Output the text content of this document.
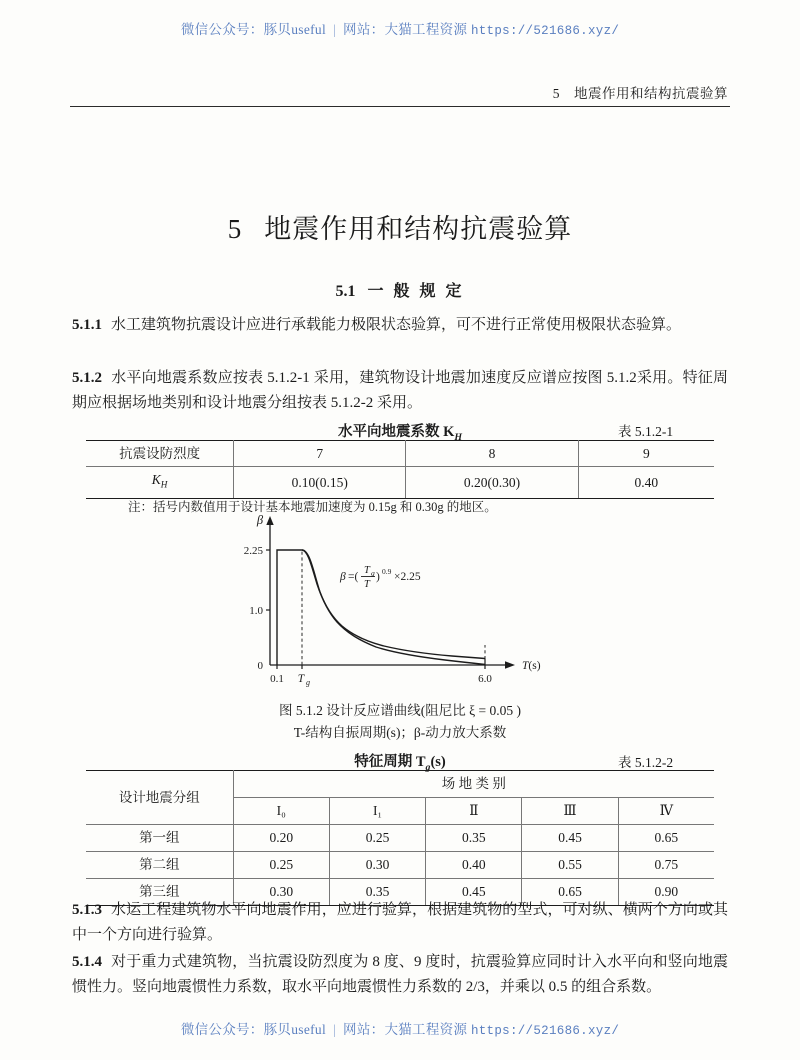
微信公众号：豚贝useful | 网站：大猫工程资源 https://521686.xyz/
5 地震作用和结构抗震验算
5 地震作用和结构抗震验算
5.1 一 般 规 定
5.1.1 水工建筑物抗震设计应进行承载能力极限状态验算，可不进行正常使用极限状态验算。
5.1.2 水平向地震系数应按表 5.1.2-1 采用，建筑物设计地震加速度反应谱应按图 5.1.2采用。特征周期应根据场地类别和设计地震分组按表 5.1.2-2 采用。
水平向地震系数 $K_H$	表 5.1.2-1
抗震设防烈度	7	8	9
$K_H$	0.10(0.15)	0.20(0.30)	0.40
注：括号内数值用于设计基本地震加速度为 0.15g 和 0.30g 的地区。
2.25
1.0
0
0.1 T g	6.0
β
T(s)
β =(
T g
T
) 0.9 ×2.25
图 5.1.2 设计反应谱曲线(阻尼比 ξ = 0.05 )
T-结构自振周期(s)；β-动力放大系数
特征周期 $T_g(s)$	表 5.1.2-2
设计地震分组	场 地 类 别				
	I₀	I₁	Ⅱ	Ⅲ	Ⅳ
第一组	0.20	0.25	0.35	0.45	0.65
第二组	0.25	0.30	0.40	0.55	0.75
第三组	0.30	0.35	0.45	0.65	0.90
5.1.3 水运工程建筑物水平向地震作用，应进行验算，根据建筑物的型式，可对纵、横两个方向或其中一个方向进行验算。
5.1.4 对于重力式建筑物，当抗震设防烈度为 8 度、9 度时，抗震验算应同时计入水平向和竖向地震惯性力。竖向地震惯性力系数，取水平向地震惯性力系数的 2/3，并乘以 0.5 的组合系数。
微信公众号：豚贝useful | 网站：大猫工程资源 https://521686.xyz/
